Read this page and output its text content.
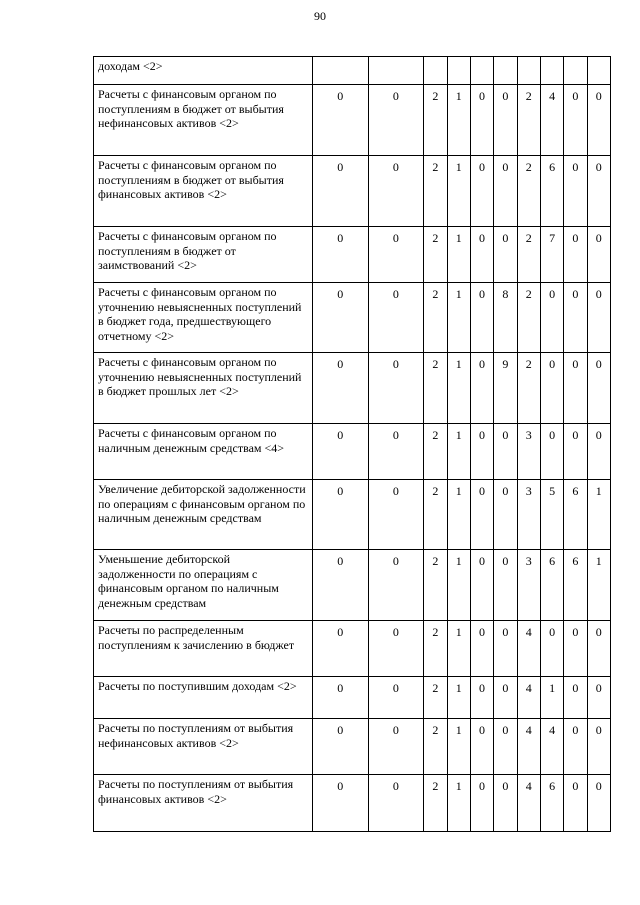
90
доходам <2>										
Расчеты с финансовым органом по поступлениям в бюджет от выбытия нефинансовых активов <2>	0	0	2	1	0	0	2	4	0	0
Расчеты с финансовым органом по поступлениям в бюджет от выбытия финансовых активов <2>	0	0	2	1	0	0	2	6	0	0
Расчеты с финансовым органом по поступлениям в бюджет от заимствований <2>	0	0	2	1	0	0	2	7	0	0
Расчеты с финансовым органом по уточнению невыясненных поступлений в бюджет года, предшествующего отчетному <2>	0	0	2	1	0	8	2	0	0	0
Расчеты с финансовым органом по уточнению невыясненных поступлений в бюджет прошлых лет <2>	0	0	2	1	0	9	2	0	0	0
Расчеты с финансовым органом по наличным денежным средствам <4>	0	0	2	1	0	0	3	0	0	0
Увеличение дебиторской задолженности по операциям с финансовым органом по наличным денежным средствам	0	0	2	1	0	0	3	5	6	1
Уменьшение дебиторской задолженности по операциям с финансовым органом по наличным денежным средствам	0	0	2	1	0	0	3	6	6	1
Расчеты по распределенным поступлениям к зачислению в бюджет	0	0	2	1	0	0	4	0	0	0
Расчеты по поступившим доходам <2>	0	0	2	1	0	0	4	1	0	0
Расчеты по поступлениям от выбытия нефинансовых активов <2>	0	0	2	1	0	0	4	4	0	0
Расчеты по поступлениям от выбытия финансовых активов <2>	0	0	2	1	0	0	4	6	0	0
